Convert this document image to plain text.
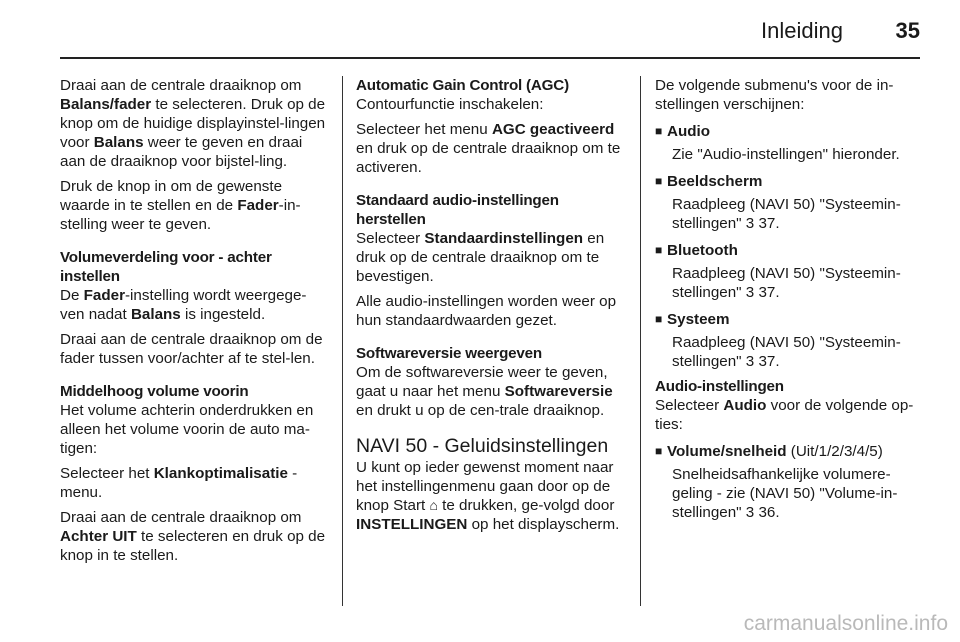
Inleiding 35

Draai aan de centrale draaiknop om Balans/fader te selecteren. Druk op de knop om de huidige displayinstel-lingen voor Balans weer te geven en draai aan de draaiknop voor bijstel-ling.

Druk de knop in om de gewenste waarde in te stellen en de Fader-in-stelling weer te geven.

Volumeverdeling voor - achter instellen

De Fader-instelling wordt weergege-ven nadat Balans is ingesteld.

Draai aan de centrale draaiknop om de fader tussen voor/achter af te stel-len.

Middelhoog volume voorin

Het volume achterin onderdrukken en alleen het volume voorin de auto ma-tigen:

Selecteer het Klankoptimalisatie -menu.

Draai aan de centrale draaiknop om Achter UIT te selecteren en druk op de knop in te stellen.

Automatic Gain Control (AGC)

Contourfunctie inschakelen:

Selecteer het menu AGC geactiveerd en druk op de centrale draaiknop om te activeren.

Standaard audio-instellingen herstellen

Selecteer Standaardinstellingen en druk op de centrale draaiknop om te bevestigen.

Alle audio-instellingen worden weer op hun standaardwaarden gezet.

Softwareversie weergeven

Om de softwareversie weer te geven, gaat u naar het menu Softwareversie en drukt u op de cen-trale draaiknop.

NAVI 50 - Geluidsinstellingen

U kunt op ieder gewenst moment naar het instellingenmenu gaan door op de knop Start ⌂ te drukken, ge-volgd door INSTELLINGEN op het displayscherm.

De volgende submenu's voor de in-stellingen verschijnen:

■ Audio
Zie "Audio-instellingen" hieronder.
■ Beeldscherm
Raadpleeg (NAVI 50) "Systeemin-stellingen" 3 37.
■ Bluetooth
Raadpleeg (NAVI 50) "Systeemin-stellingen" 3 37.
■ Systeem
Raadpleeg (NAVI 50) "Systeemin-stellingen" 3 37.

Audio-instellingen

Selecteer Audio voor de volgende op-ties:

■ Volume/snelheid (Uit/1/2/3/4/5)
Snelheidsafhankelijke volumere-geling - zie (NAVI 50) "Volume-in-stellingen" 3 36.
carmanualsonline.info
